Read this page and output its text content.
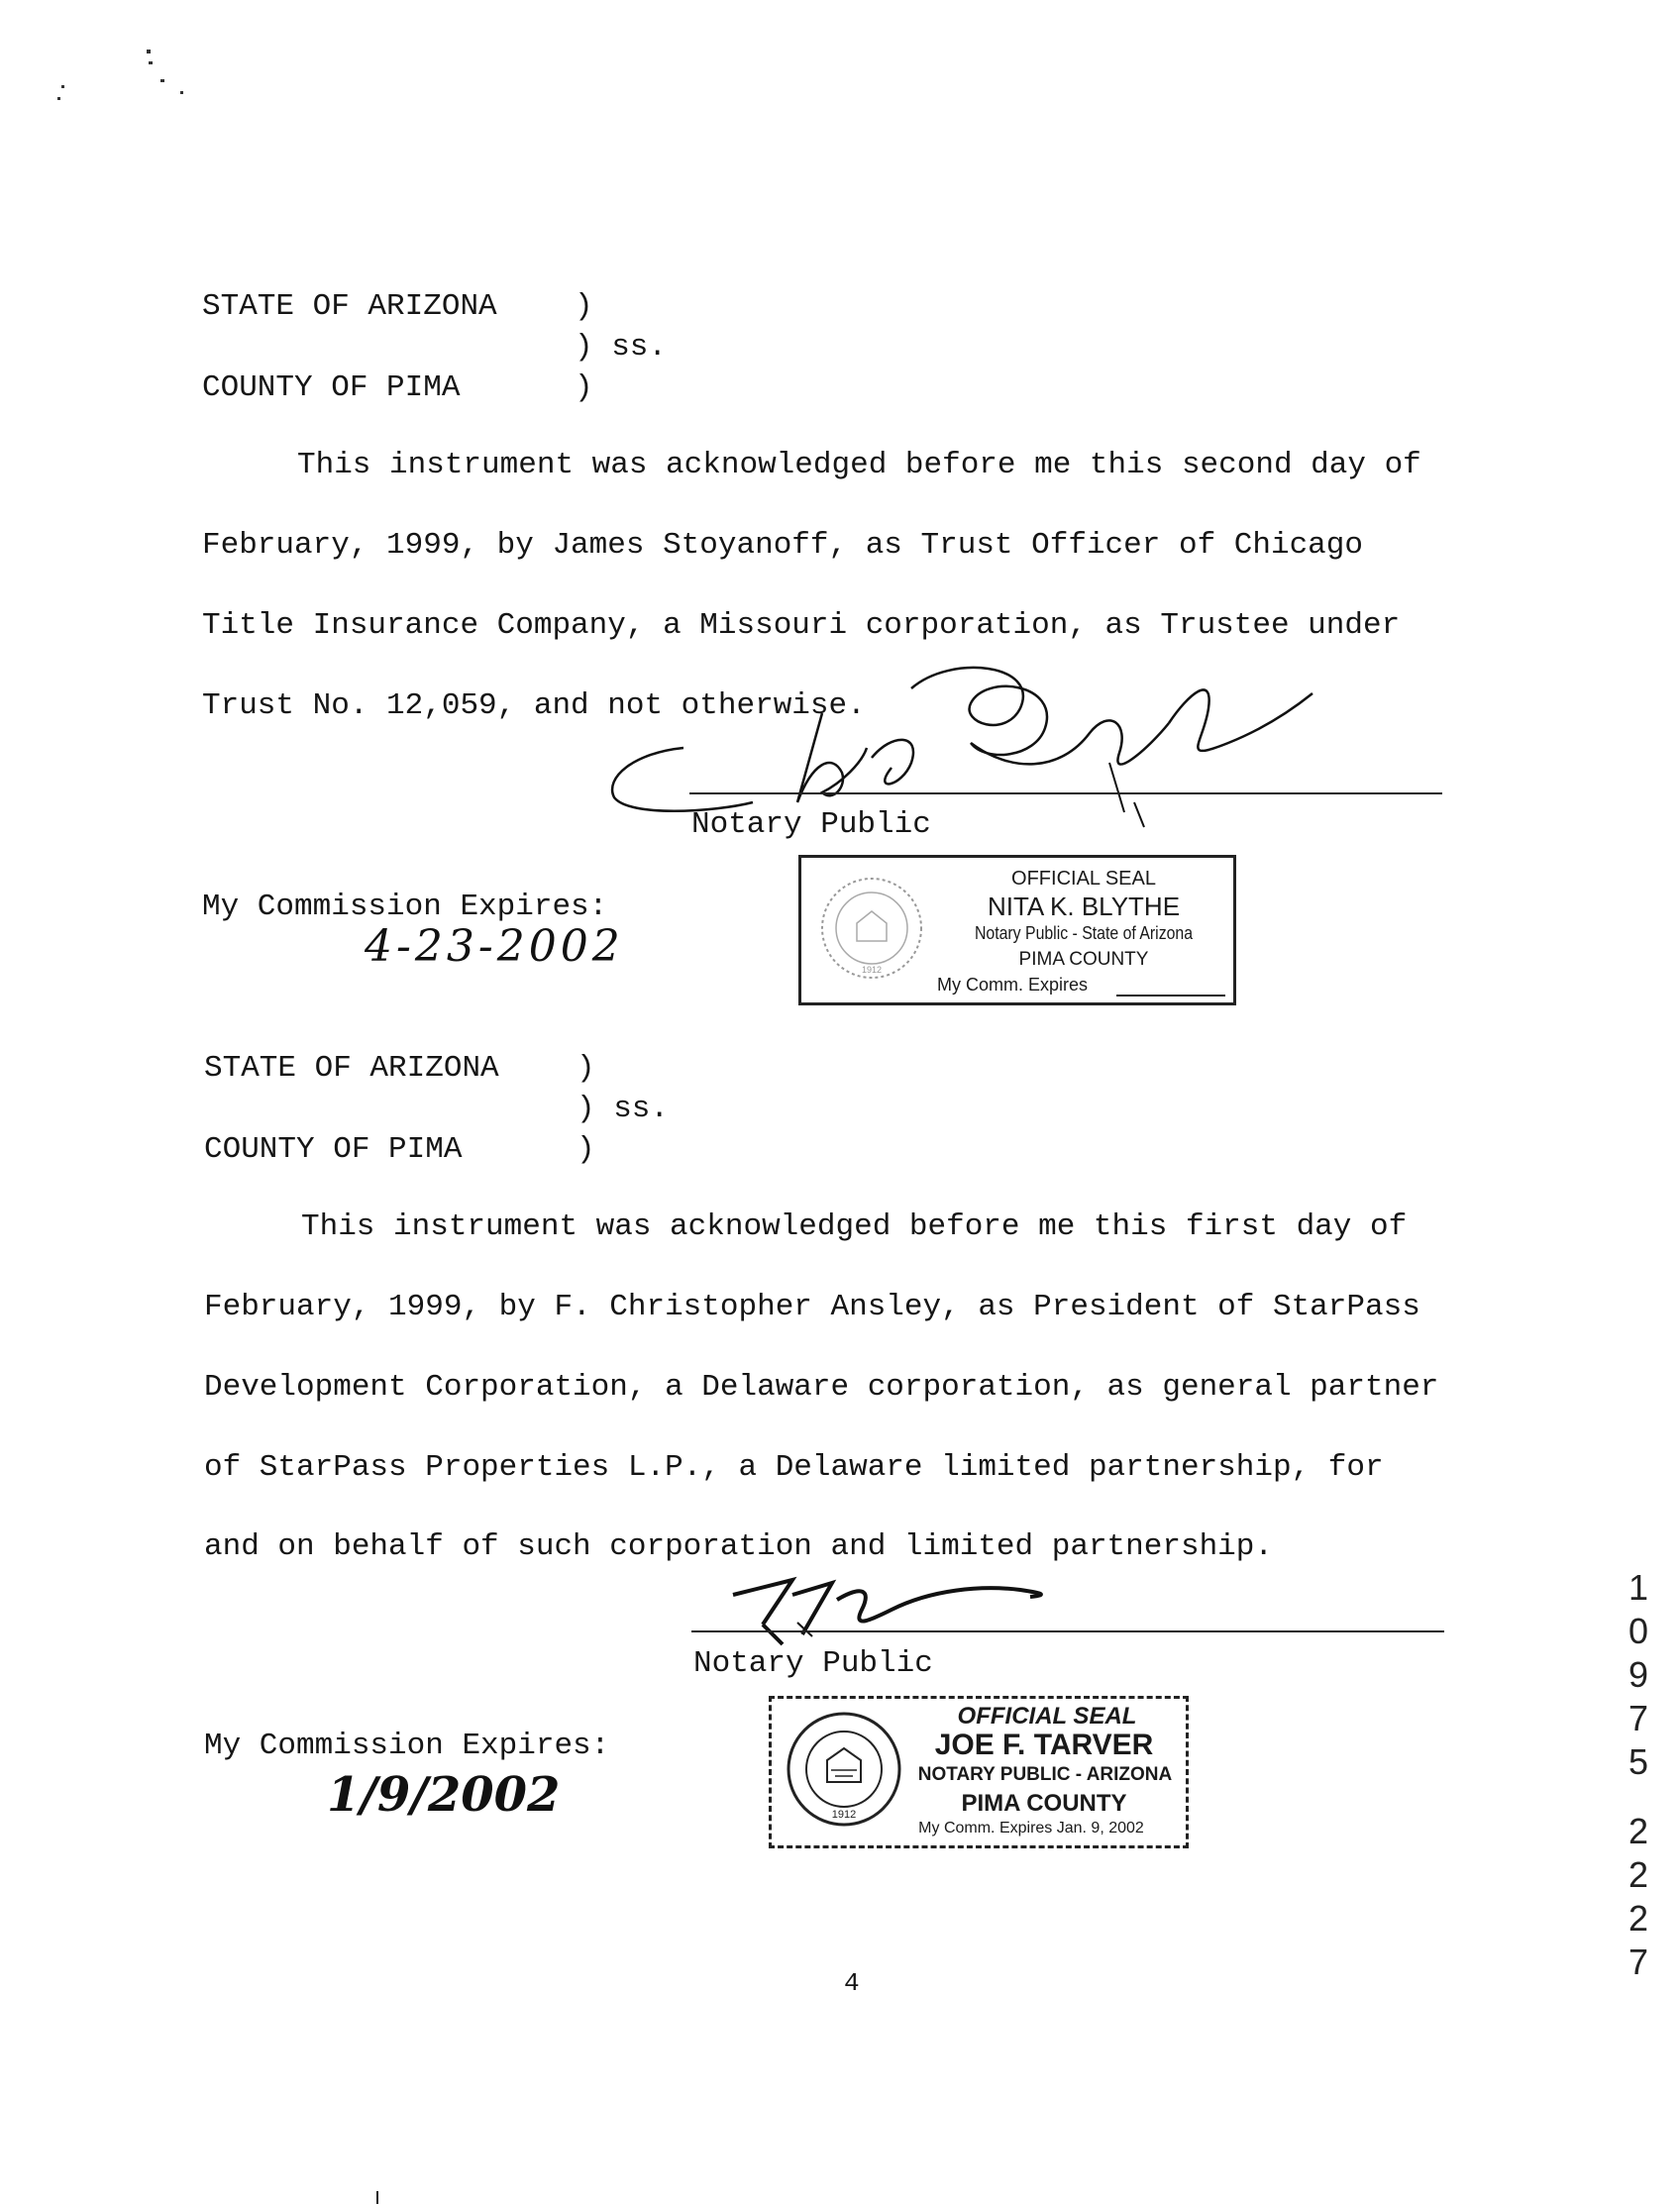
STATE OF ARIZONA	)
) ss.
COUNTY OF PIMA	)
This instrument was acknowledged before me this second day of
February, 1999, by James Stoyanoff, as Trust Officer of Chicago
Title Insurance Company, a Missouri corporation, as Trustee under
Trust No. 12,059, and not otherwise.
Notary Public
My Commission Expires:
4-23-2002	1912
OFFICIAL SEAL
NITA K. BLYTHE
Notary Public - State of Arizona
PIMA COUNTY
My Comm. Expires
STATE OF ARIZONA	)
) ss.
COUNTY OF PIMA	)
This instrument was acknowledged before me this first day of
February, 1999, by F. Christopher Ansley, as President of StarPass
Development Corporation, a Delaware corporation, as general partner
of StarPass Properties L.P., a Delaware limited partnership, for
and on behalf of such corporation and limited partnership.
Notary Public
My Commission Expires:
1/9/2002	1912
OFFICIAL SEAL
JOE F. TARVER
NOTARY PUBLIC - ARIZONA
PIMA COUNTY
My Comm. Expires Jan. 9, 2002
4
1
0
9
7
5
2
2
2
7
